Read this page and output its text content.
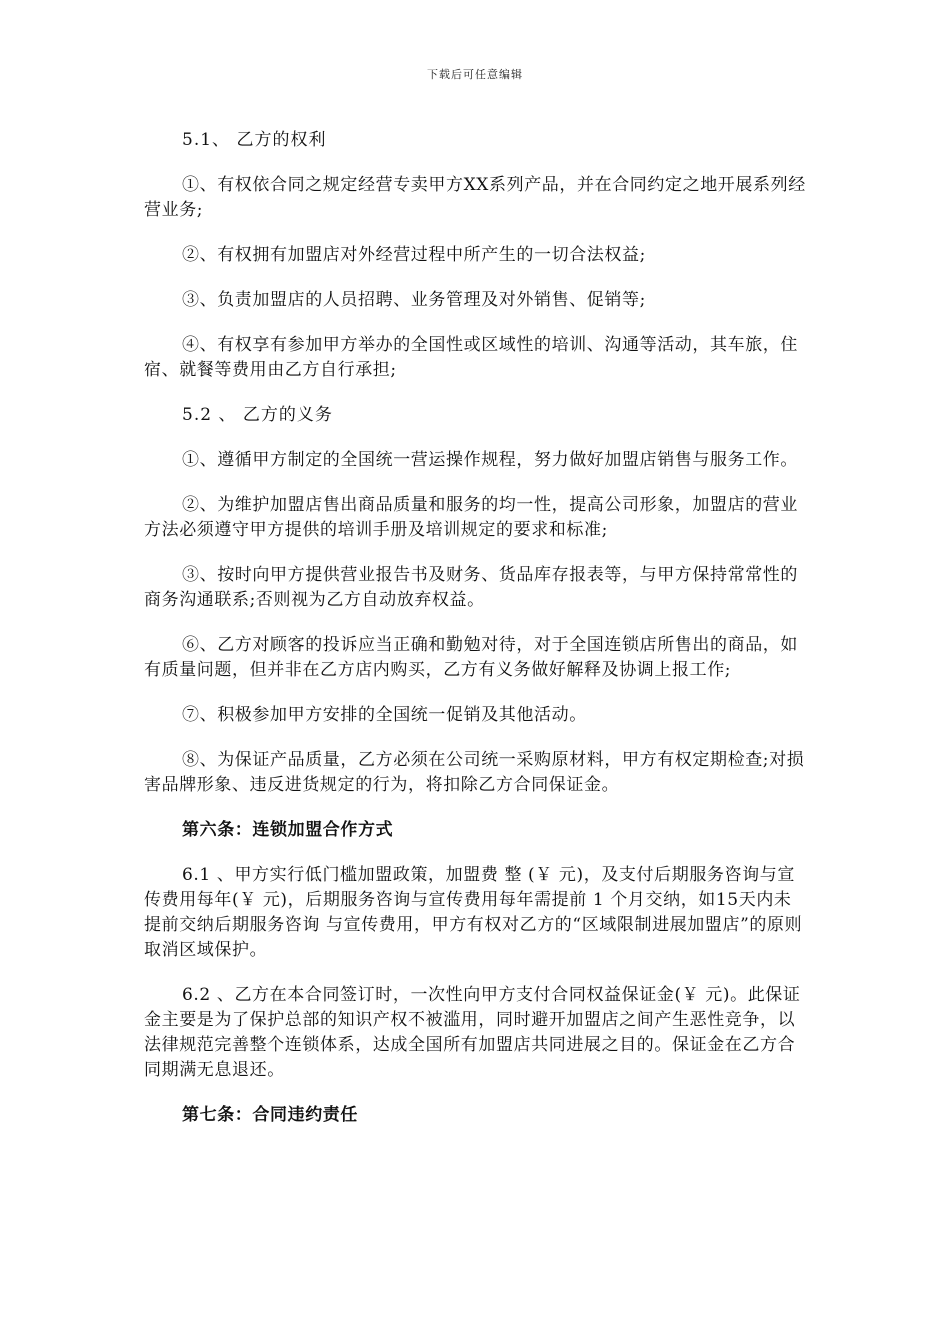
下载后可任意编辑

5.1、 乙方的权利

①、有权依合同之规定经营专卖甲方XX系列产品，并在合同约定之地开展系列经营业务;

②、有权拥有加盟店对外经营过程中所产生的一切合法权益;

③、负责加盟店的人员招聘、业务管理及对外销售、促销等;

④、有权享有参加甲方举办的全国性或区域性的培训、沟通等活动，其车旅，住宿、就餐等费用由乙方自行承担;

5.2 、 乙方的义务

①、遵循甲方制定的全国统一营运操作规程，努力做好加盟店销售与服务工作。

②、为维护加盟店售出商品质量和服务的均一性，提高公司形象，加盟店的营业方法必须遵守甲方提供的培训手册及培训规定的要求和标准;

③、按时向甲方提供营业报告书及财务、货品库存报表等，与甲方保持常常性的商务沟通联系;否则视为乙方自动放弃权益。

⑥、乙方对顾客的投诉应当正确和勤勉对待，对于全国连锁店所售出的商品，如有质量问题，但并非在乙方店内购买，乙方有义务做好解释及协调上报工作;

⑦、积极参加甲方安排的全国统一促销及其他活动。

⑧、为保证产品质量，乙方必须在公司统一采购原材料，甲方有权定期检查;对损害品牌形象、违反进货规定的行为，将扣除乙方合同保证金。

第六条：连锁加盟合作方式

6.1 、甲方实行低门槛加盟政策，加盟费 整 (￥ 元)，及支付后期服务咨询与宣传费用每年(￥ 元)，后期服务咨询与宣传费用每年需提前 1 个月交纳，如15天内未提前交纳后期服务咨询 与宣传费用，甲方有权对乙方的“区域限制进展加盟店”的原则取消区域保护。

6.2 、乙方在本合同签订时，一次性向甲方支付合同权益保证金(￥ 元)。此保证金主要是为了保护总部的知识产权不被滥用，同时避开加盟店之间产生恶性竞争，以法律规范完善整个连锁体系，达成全国所有加盟店共同进展之目的。保证金在乙方合同期满无息退还。

第七条：合同违约责任
